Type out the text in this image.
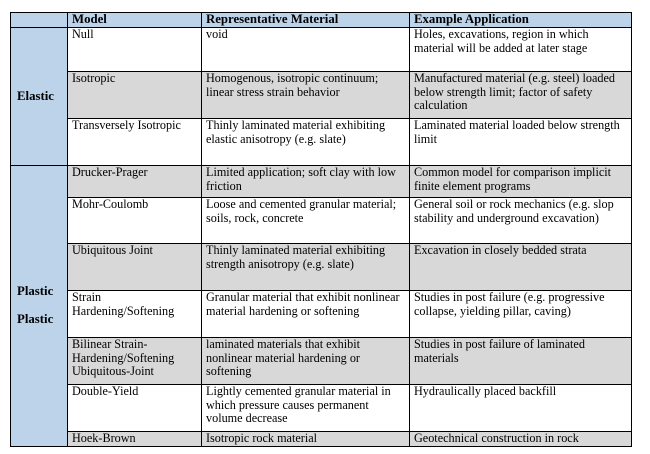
	Model	Representative Material	Example Application

Elastic	Null	void	Holes, excavations, region in which material will be added at later stage
	Isotropic	Homogenous, isotropic continuum; linear stress strain behavior	Manufactured material (e.g. steel) loaded below strength limit; factor of safety calculation
	Transversely Isotropic	Thinly laminated material exhibiting elastic anisotropy (e.g. slate)	Laminated material loaded below strength limit

Plastic
Plastic	Drucker-Prager	Limited application; soft clay with low friction	Common model for comparison implicit finite element programs
	Mohr-Coulomb	Loose and cemented granular material; soils, rock, concrete	General soil or rock mechanics (e.g. slop stability and underground excavation)
	Ubiquitous Joint	Thinly laminated material exhibiting strength anisotropy (e.g. slate)	Excavation in closely bedded strata
	Strain Hardening/Softening	Granular material that exhibit nonlinear material hardening or softening	Studies in post failure (e.g. progressive collapse, yielding pillar, caving)
	Bilinear Strain-Hardening/Softening Ubiquitous-Joint	laminated materials that exhibit nonlinear material hardening or softening	Studies in post failure of laminated materials
	Double-Yield	Lightly cemented granular material in which pressure causes permanent volume decrease	Hydraulically placed backfill
	Hoek-Brown	Isotropic rock material	Geotechnical construction in rock
